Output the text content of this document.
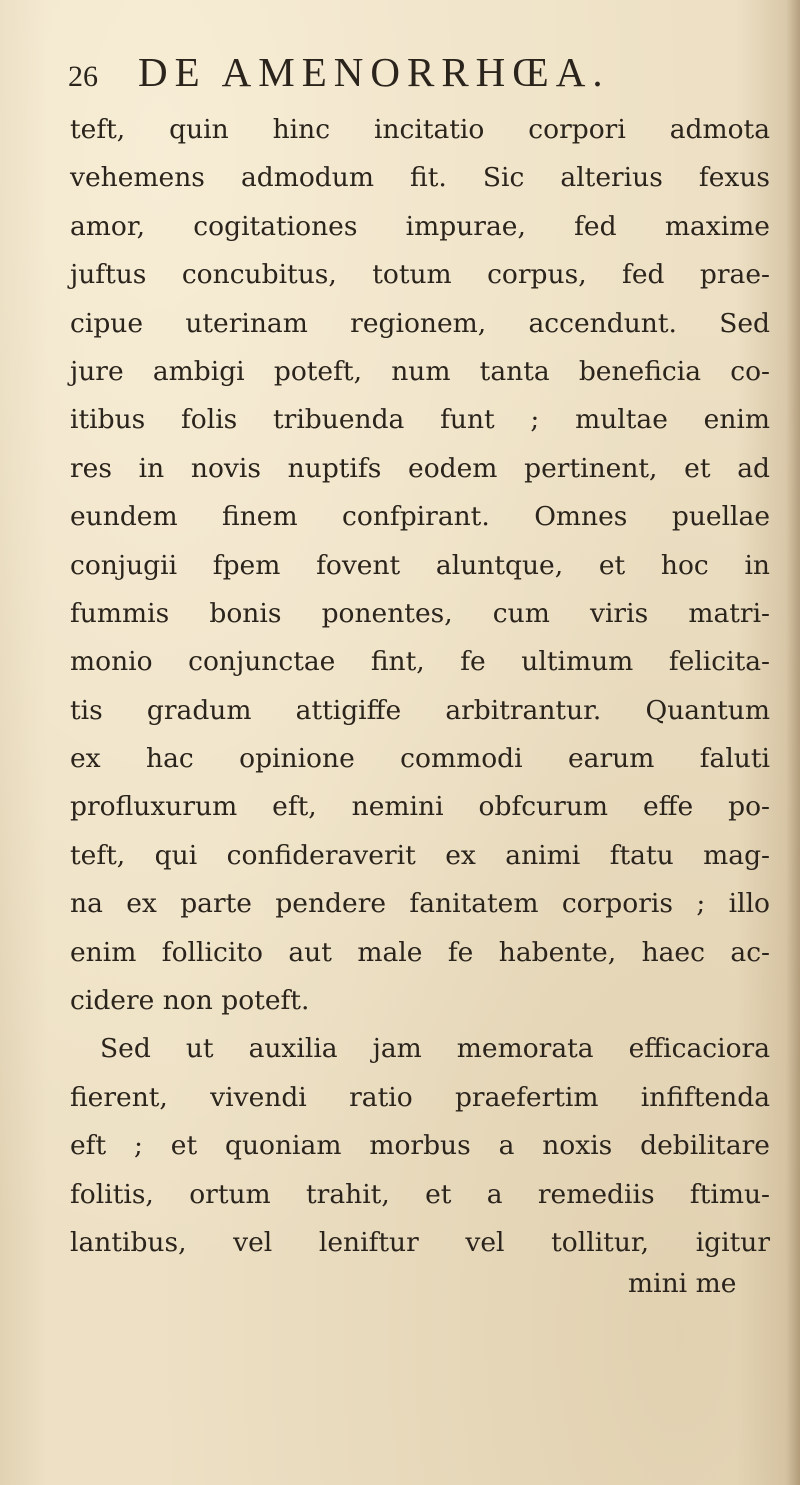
26 DE AMENORRHŒA.
teft, quin hinc incitatio corpori admota
vehemens admodum fit. Sic alterius fexus
amor, cogitationes impurae, fed maxime
juftus concubitus, totum corpus, fed prae-
cipue uterinam regionem, accendunt. Sed
jure ambigi poteft, num tanta beneficia co-
itibus folis tribuenda funt ; multae enim
res in novis nuptifs eodem pertinent, et ad
eundem finem confpirant. Omnes puellae
conjugii fpem fovent aluntque, et hoc in
fummis bonis ponentes, cum viris matri-
monio conjunctae fint, fe ultimum felicita-
tis gradum attigiffe arbitrantur. Quantum
ex hac opinione commodi earum faluti
profluxurum eft, nemini obfcurum effe po-
teft, qui confideraverit ex animi ftatu mag-
na ex parte pendere fanitatem corporis ; illo
enim follicito aut male fe habente, haec ac-
cidere non poteft.
Sed ut auxilia jam memorata efficaciora
fierent, vivendi ratio praefertim infiftenda
eft ; et quoniam morbus a noxis debilitare
folitis, ortum trahit, et a remediis ftimu-
lantibus, vel leniftur vel tollitur, igitur
mini me
